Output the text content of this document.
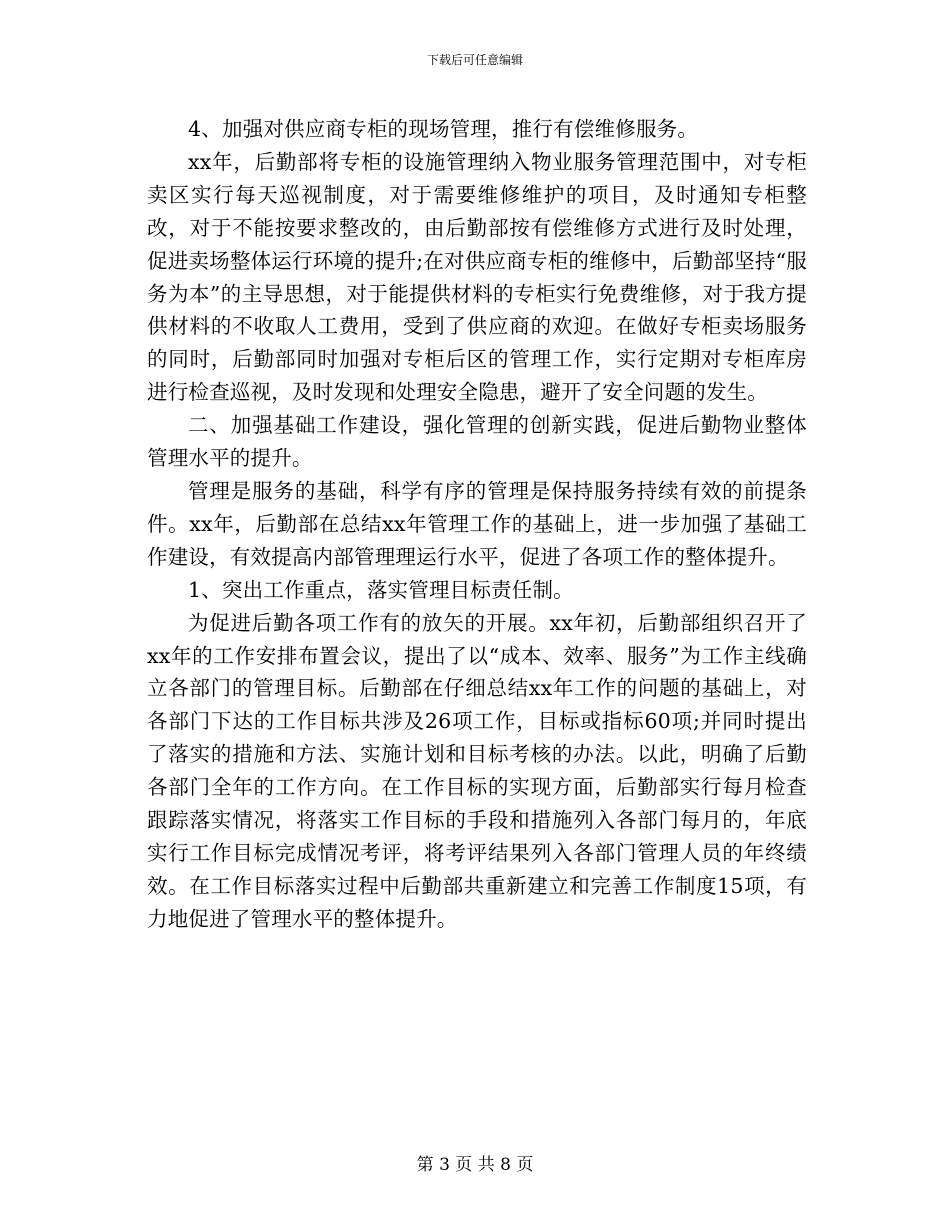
下载后可任意编辑

4、加强对供应商专柜的现场管理，推行有偿维修服务。

xx年，后勤部将专柜的设施管理纳入物业服务管理范围中，对专柜卖区实行每天巡视制度，对于需要维修维护的项目，及时通知专柜整改，对于不能按要求整改的，由后勤部按有偿维修方式进行及时处理，促进卖场整体运行环境的提升;在对供应商专柜的维修中，后勤部坚持“服务为本”的主导思想，对于能提供材料的专柜实行免费维修，对于我方提供材料的不收取人工费用，受到了供应商的欢迎。在做好专柜卖场服务的同时，后勤部同时加强对专柜后区的管理工作，实行定期对专柜库房进行检查巡视，及时发现和处理安全隐患，避开了安全问题的发生。

二、加强基础工作建设，强化管理的创新实践，促进后勤物业整体管理水平的提升。

管理是服务的基础，科学有序的管理是保持服务持续有效的前提条件。xx年，后勤部在总结xx年管理工作的基础上，进一步加强了基础工作建设，有效提高内部管理理运行水平，促进了各项工作的整体提升。

1、突出工作重点，落实管理目标责任制。

为促进后勤各项工作有的放矢的开展。xx年初，后勤部组织召开了xx年的工作安排布置会议，提出了以“成本、效率、服务”为工作主线确立各部门的管理目标。后勤部在仔细总结xx年工作的问题的基础上，对各部门下达的工作目标共涉及26项工作，目标或指标60项;并同时提出了落实的措施和方法、实施计划和目标考核的办法。以此，明确了后勤各部门全年的工作方向。在工作目标的实现方面，后勤部实行每月检查跟踪落实情况，将落实工作目标的手段和措施列入各部门每月的，年底实行工作目标完成情况考评，将考评结果列入各部门管理人员的年终绩效。在工作目标落实过程中后勤部共重新建立和完善工作制度15项，有力地促进了管理水平的整体提升。

第 3 页 共 8 页
